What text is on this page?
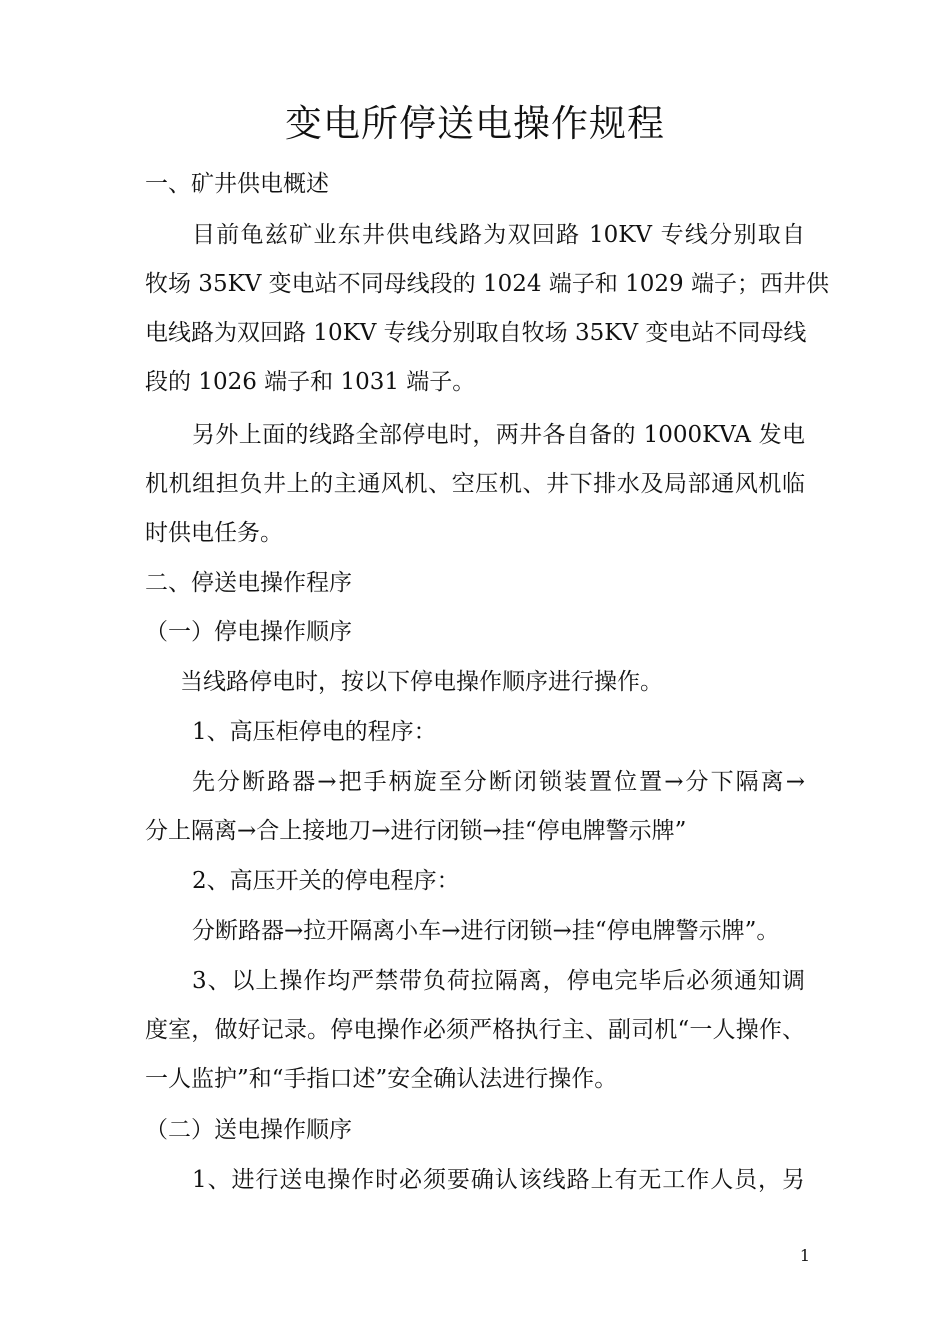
变电所停送电操作规程
一、矿井供电概述
目前龟兹矿业东井供电线路为双回路 10KV 专线分别取自
牧场 35KV 变电站不同母线段的 1024 端子和 1029 端子；西井供
电线路为双回路 10KV 专线分别取自牧场 35KV 变电站不同母线
段的 1026 端子和 1031 端子。
另外上面的线路全部停电时，两井各自备的 1000KVA 发电
机机组担负井上的主通风机、空压机、井下排水及局部通风机临
时供电任务。
二、停送电操作程序
（一）停电操作顺序
当线路停电时，按以下停电操作顺序进行操作。
1、高压柜停电的程序：
先分断路器→把手柄旋至分断闭锁装置位置→分下隔离→
分上隔离→合上接地刀→进行闭锁→挂“停电牌警示牌”
2、高压开关的停电程序：
分断路器→拉开隔离小车→进行闭锁→挂“停电牌警示牌”。
3、以上操作均严禁带负荷拉隔离，停电完毕后必须通知调
度室，做好记录。停电操作必须严格执行主、副司机“一人操作、
一人监护”和“手指口述”安全确认法进行操作。
（二）送电操作顺序
1、进行送电操作时必须要确认该线路上有无工作人员，另
1
